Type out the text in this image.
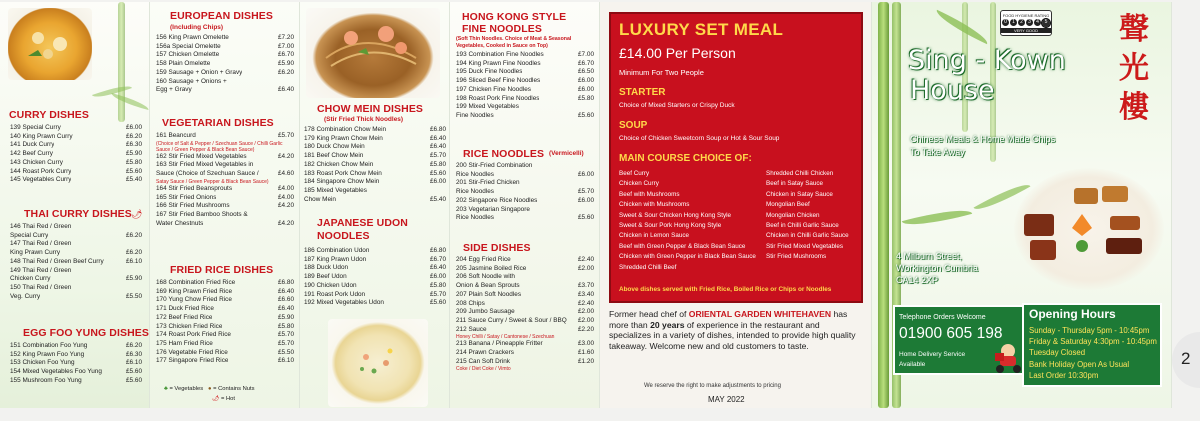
CURRY DISHES
139 Special Curry	£6.00
140 King Prawn Curry	£6.20
141 Duck Curry	£6.30
142 Beef Curry	£5.90
143 Chicken Curry	£5.80
144 Roast Pork Curry	£5.60
145 Vegetables Curry	£5.40
THAI CURRY DISHES 🌶
146 Thai Red / Green
Special Curry	£6.20
147 Thai Red / Green
King Prawn Curry	£6.20
148 Thai Red / Green Beef Curry	£6.10
149 Thai Red / Green
Chicken Curry	£5.90
150 Thai Red / Green
Veg. Curry	£5.50
EGG FOO YUNG DISHES
151 Combination Foo Yung	£6.20
152 King Prawn Foo Yung	£6.30
153 Chicken Foo Yung	£6.10
154 Mixed Vegetables Foo Yung	£5.60
155 Mushroom Foo Yung	£5.60
EUROPEAN DISHES
(Including Chips)
156 King Prawn Omelette	£7.20
156a Special Omelette	£7.00
157 Chicken Omelette	£6.70
158 Plain Omelette	£5.90
159 Sausage + Onion + Gravy	£6.20
160 Sausage + Onions +
Egg + Gravy	£6.40
VEGETARIAN DISHES
161 Beancurd	£5.70
(Choice of Salt & Pepper / Szechuan Sauce / Chilli Garlic Sauce / Green Pepper & Black Bean Sauce)
162 Stir Fried Mixed Vegetables	£4.20
163 Stir Fried Mixed Vegetables in
Sauce (Choice of Szechuan Sauce /	£4.60
Satay Sauce / Green Pepper & Black Bean Sauce)
164 Stir Fried Beansprouts	£4.00
165 Stir Fried Onions	£4.00
166 Stir Fried Mushrooms	£4.20
167 Stir Fried Bamboo Shoots &
Water Chestnuts	£4.20
FRIED RICE DISHES
168 Combination Fried Rice	£6.80
169 King Prawn Fried Rice	£6.40
170 Yung Chow Fried Rice	£6.60
171 Duck Fried Rice	£6.40
172 Beef Fried Rice	£5.90
173 Chicken Fried Rice	£5.80
174 Roast Pork Fried Rice	£5.70
175 Ham Fried Rice	£5.70
176 Vegetable Fried Rice	£5.50
177 Singapore Fried Rice	£6.10
♣ = Vegetables ● = Contains Nuts
🌶 = Hot
CHOW MEIN DISHES
(Stir Fried Thick Noodles)
178 Combination Chow Mein	£6.80
179 King Prawn Chow Mein	£6.40
180 Duck Chow Mein	£6.40
181 Beef Chow Mein	£5.70
182 Chicken Chow Mein	£5.80
183 Roast Pork Chow Mein	£5.60
184 Singapore Chow Mein	£6.00
185 Mixed Vegetables
Chow Mein	£5.40
JAPANESE UDON NOODLES
186 Combination Udon	£6.80
187 King Prawn Udon	£6.70
188 Duck Udon	£6.40
189 Beef Udon	£6.00
190 Chicken Udon	£5.80
191 Roast Pork Udon	£5.70
192 Mixed Vegetables Udon	£5.60
HONG KONG STYLE FINE NOODLES
(Soft Thin Noodles. Choice of Meat & Seasonal Vegetables, Cooked in Sauce on Top)
193 Combination Fine Noodles	£7.00
194 King Prawn Fine Noodles	£6.70
195 Duck Fine Noodles	£6.50
196 Sliced Beef Fine Noodles	£6.00
197 Chicken Fine Noodles	£6.00
198 Roast Pork Fine Noodles	£5.80
199 Mixed Vegetables
Fine Noodles	£5.60
RICE NOODLES (Vermicelli)
200 Stir-Fried Combination
Rice Noodles	£6.00
201 Stir-Fried Chicken
Rice Noodles	£5.70
202 Singapore Rice Noodles	£6.00
203 Vegetarian Singapore
Rice Noodles	£5.60
SIDE DISHES
204 Egg Fried Rice	£2.40
205 Jasmine Boiled Rice	£2.00
206 Soft Noodle with
Onion & Bean Sprouts	£3.70
207 Plain Soft Noodles	£3.40
208 Chips	£2.40
209 Jumbo Sausage	£2.00
211 Sauce Curry / Sweet & Sour / BBQ £2.00
212 Sauce	£2.20
Honey Chilli / Satay / Cantonese / Szechuan
213 Banana / Pineapple Fritter	£3.00
214 Prawn Crackers	£1.60
215 Can Soft Drink	£1.20
Coke / Diet Coke / Vimto
LUXURY SET MEAL
£14.00 Per Person
Minimum For Two People
STARTER
Choice of Mixed Starters or Crispy Duck
SOUP
Choice of Chicken Sweetcorn Soup or Hot & Sour Soup
MAIN COURSE CHOICE OF:
Beef Curry
Chicken Curry
Beef with Mushrooms
Chicken with Mushrooms
Sweet & Sour Chicken Hong Kong Style
Sweet & Sour Pork Hong Kong Style
Chicken in Lemon Sauce
Beef with Green Pepper & Black Bean Sauce
Chicken with Green Pepper in Black Bean Sauce
Shredded Chilli Beef
Shredded Chilli Chicken
Beef in Satay Sauce
Chicken in Satay Sauce
Mongolian Beef
Mongolian Chicken
Beef in Chilli Garlic Sauce
Chicken in Chilli Garlic Sauce
Stir Fried Mixed Vegetables
Stir Fried Mushrooms
Above dishes served with Fried Rice, Boiled Rice or Chips or Noodles
Former head chef of ORIENTAL GARDEN WHITEHAVEN has more than 20 years of experience in the restaurant and specializes in a variety of dishes, intended to provide high quality takeaway. Welcome new and old customers to taste.
We reserve the right to make adjustments to pricing
MAY 2022
FOOD HYGIENE RATING
0	1	2	3	4	5
VERY GOOD	聲
光
樓
Sing - Kown
House
Chinese Meals & Home Made Chips
To Take Away
4 Milburn Street,
Workington Cumbria
CA14 2XP
Telephone Orders Welcome
01900 605 198
Home Delivery Service
Available
Opening Hours
Sunday - Thursday 5pm - 10:45pm
Friday & Saturday 4:30pm - 10:45pm
Tuesday Closed
Bank Holiday Open As Usual
Last Order 10:30pm
2
